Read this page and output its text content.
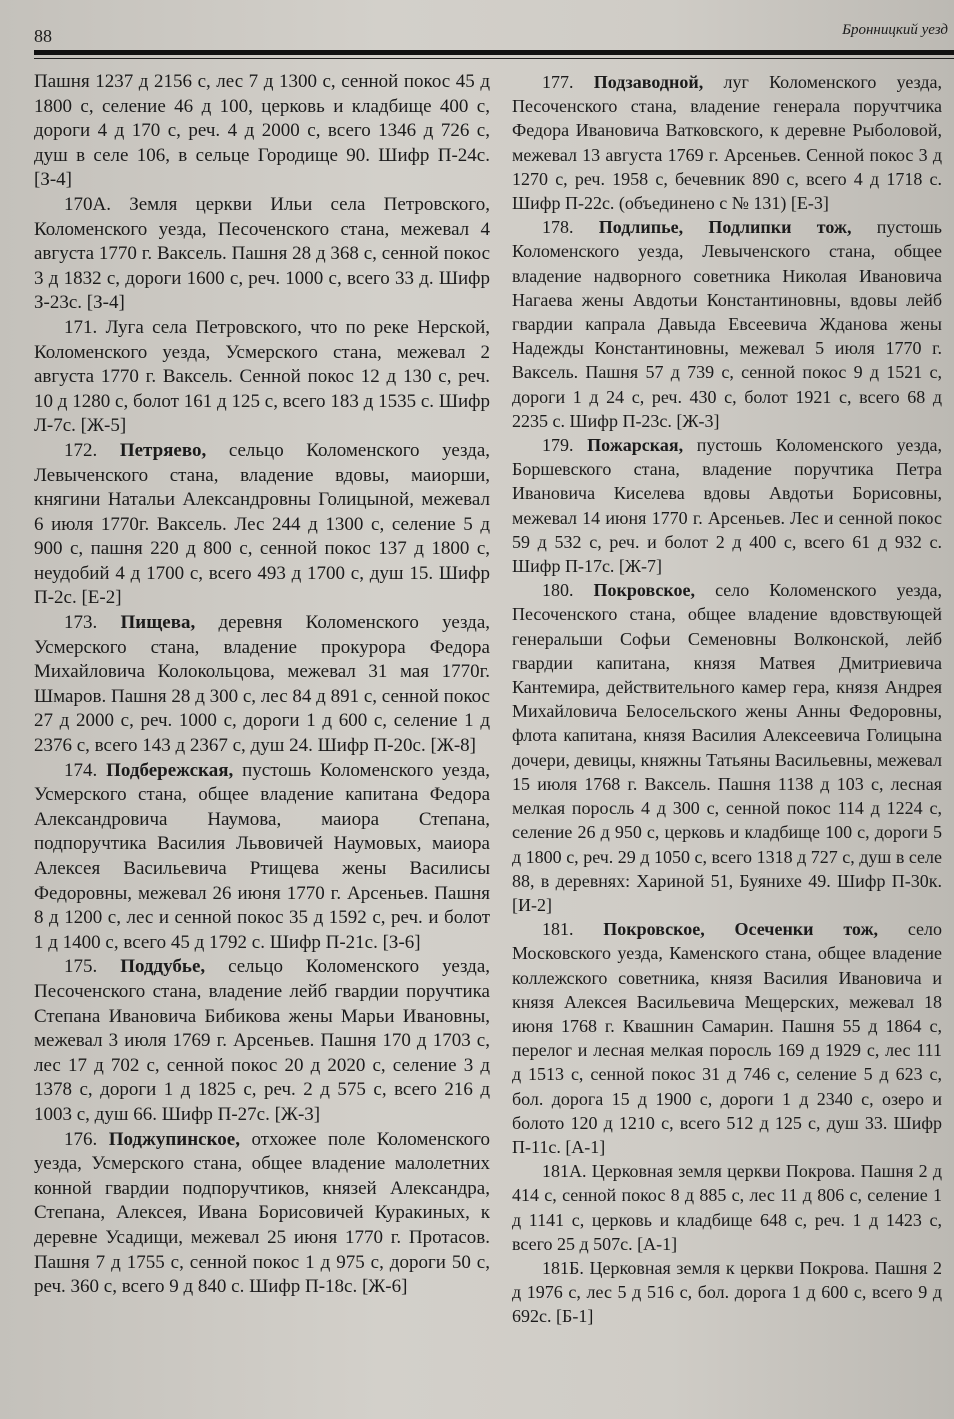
88	Бронницкий уезд

Пашня 1237 д 2156 с, лес 7 д 1300 с, сенной покос 45 д 1800 с, селение 46 д 100, церковь и кладбище 400 с, дороги 4 д 170 с, реч. 4 д 2000 с, всего 1346 д 726 с, душ в селе 106, в сельце Городище 90. Шифр П-24с. [З-4]

170А. Земля церкви Ильи села Петровского, Коломенского уезда, Песоченского стана, межевал 4 августа 1770 г. Ваксель. Пашня 28 д 368 с, сенной покос 3 д 1832 с, дороги 1600 с, реч. 1000 с, всего 33 д. Шифр З-23с. [З-4]

171. Луга села Петровского, что по реке Нерской, Коломенского уезда, Усмерского стана, межевал 2 августа 1770 г. Ваксель. Сенной покос 12 д 130 с, реч. 10 д 1280 с, болот 161 д 125 с, всего 183 д 1535 с. Шифр Л-7с. [Ж-5]

172. Петряево, сельцо Коломенского уезда, Левыченского стана, владение вдовы, маиорши, княгини Натальи Александровны Голицыной, межевал 6 июля 1770г. Ваксель. Лес 244 д 1300 с, селение 5 д 900 с, пашня 220 д 800 с, сенной покос 137 д 1800 с, неудобий 4 д 1700 с, всего 493 д 1700 с, душ 15. Шифр П-2с. [Е-2]

173. Пищева, деревня Коломенского уезда, Усмерского стана, владение прокурора Федора Михайловича Колокольцова, межевал 31 мая 1770г. Шмаров. Пашня 28 д 300 с, лес 84 д 891 с, сенной покос 27 д 2000 с, реч. 1000 с, дороги 1 д 600 с, селение 1 д 2376 с, всего 143 д 2367 с, душ 24. Шифр П-20с. [Ж-8]

174. Подбережская, пустошь Коломенского уезда, Усмерского стана, общее владение капитана Федора Александровича Наумова, маиора Степана, подпоручтика Василия Львовичей Наумовых, маиора Алексея Васильевича Ртищева жены Василисы Федоровны, межевал 26 июня 1770 г. Арсеньев. Пашня 8 д 1200 с, лес и сенной покос 35 д 1592 с, реч. и болот 1 д 1400 с, всего 45 д 1792 с. Шифр П-21с. [З-6]

175. Поддубье, сельцо Коломенского уезда, Песоченского стана, владение лейб гвардии поручтика Степана Ивановича Бибикова жены Марьи Ивановны, межевал 3 июля 1769 г. Арсеньев. Пашня 170 д 1703 с, лес 17 д 702 с, сенной покос 20 д 2020 с, селение 3 д 1378 с, дороги 1 д 1825 с, реч. 2 д 575 с, всего 216 д 1003 с, душ 66. Шифр П-27с. [Ж-3]

176. Поджупинское, отхожее поле Коломенского уезда, Усмерского стана, общее владение малолетних конной гвардии подпоручтиков, князей Александра, Степана, Алексея, Ивана Борисовичей Куракиных, к деревне Усадищи, межевал 25 июня 1770 г. Протасов. Пашня 7 д 1755 с, сенной покос 1 д 975 с, дороги 50 с, реч. 360 с, всего 9 д 840 с. Шифр П-18с. [Ж-6]

177. Подзаводной, луг Коломенского уезда, Песоченского стана, владение генерала поручтчика Федора Ивановича Ватковского, к деревне Рыболовой, межевал 13 августа 1769 г. Арсеньев. Сенной покос 3 д 1270 с, реч. 1958 с, бечевник 890 с, всего 4 д 1718 с. Шифр П-22с. (объединено с № 131) [Е-3]

178. Подлипье, Подлипки тож, пустошь Коломенского уезда, Левыченского стана, общее владение надворного советника Николая Ивановича Нагаева жены Авдотьи Константиновны, вдовы лейб гвардии капрала Давыда Евсеевича Жданова жены Надежды Константиновны, межевал 5 июля 1770 г. Ваксель. Пашня 57 д 739 с, сенной покос 9 д 1521 с, дороги 1 д 24 с, реч. 430 с, болот 1921 с, всего 68 д 2235 с. Шифр П-23с. [Ж-3]

179. Пожарская, пустошь Коломенского уезда, Боршевского стана, владение поручтика Петра Ивановича Киселева вдовы Авдотьи Борисовны, межевал 14 июня 1770 г. Арсеньев. Лес и сенной покос 59 д 532 с, реч. и болот 2 д 400 с, всего 61 д 932 с. Шифр П-17с. [Ж-7]

180. Покровское, село Коломенского уезда, Песоченского стана, общее владение вдовствующей генеральши Софьи Семеновны Волконской, лейб гвардии капитана, князя Матвея Дмитриевича Кантемира, действительного камер гера, князя Андрея Михайловича Белосельского жены Анны Федоровны, флота капитана, князя Василия Алексеевича Голицына дочери, девицы, княжны Татьяны Васильевны, межевал 15 июля 1768 г. Ваксель. Пашня 1138 д 103 с, лесная мелкая поросль 4 д 300 с, сенной покос 114 д 1224 с, селение 26 д 950 с, церковь и кладбище 100 с, дороги 5 д 1800 с, реч. 29 д 1050 с, всего 1318 д 727 с, душ в селе 88, в деревнях: Хариной 51, Буянихе 49. Шифр П-30к. [И-2]

181. Покровское, Осеченки тож, село Московского уезда, Каменского стана, общее владение коллежского советника, князя Василия Ивановича и князя Алексея Васильевича Мещерских, межевал 18 июня 1768 г. Квашнин Самарин. Пашня 55 д 1864 с, перелог и лесная мелкая поросль 169 д 1929 с, лес 111 д 1513 с, сенной покос 31 д 746 с, селение 5 д 623 с, бол. дорога 15 д 1900 с, дороги 1 д 2340 с, озеро и болото 120 д 1210 с, всего 512 д 125 с, душ 33. Шифр П-11с. [А-1]

181А. Церковная земля церкви Покрова. Пашня 2 д 414 с, сенной покос 8 д 885 с, лес 11 д 806 с, селение 1 д 1141 с, церковь и кладбище 648 с, реч. 1 д 1423 с, всего 25 д 507с. [А-1]

181Б. Церковная земля к церкви Покрова. Пашня 2 д 1976 с, лес 5 д 516 с, бол. дорога 1 д 600 с, всего 9 д 692с. [Б-1]
